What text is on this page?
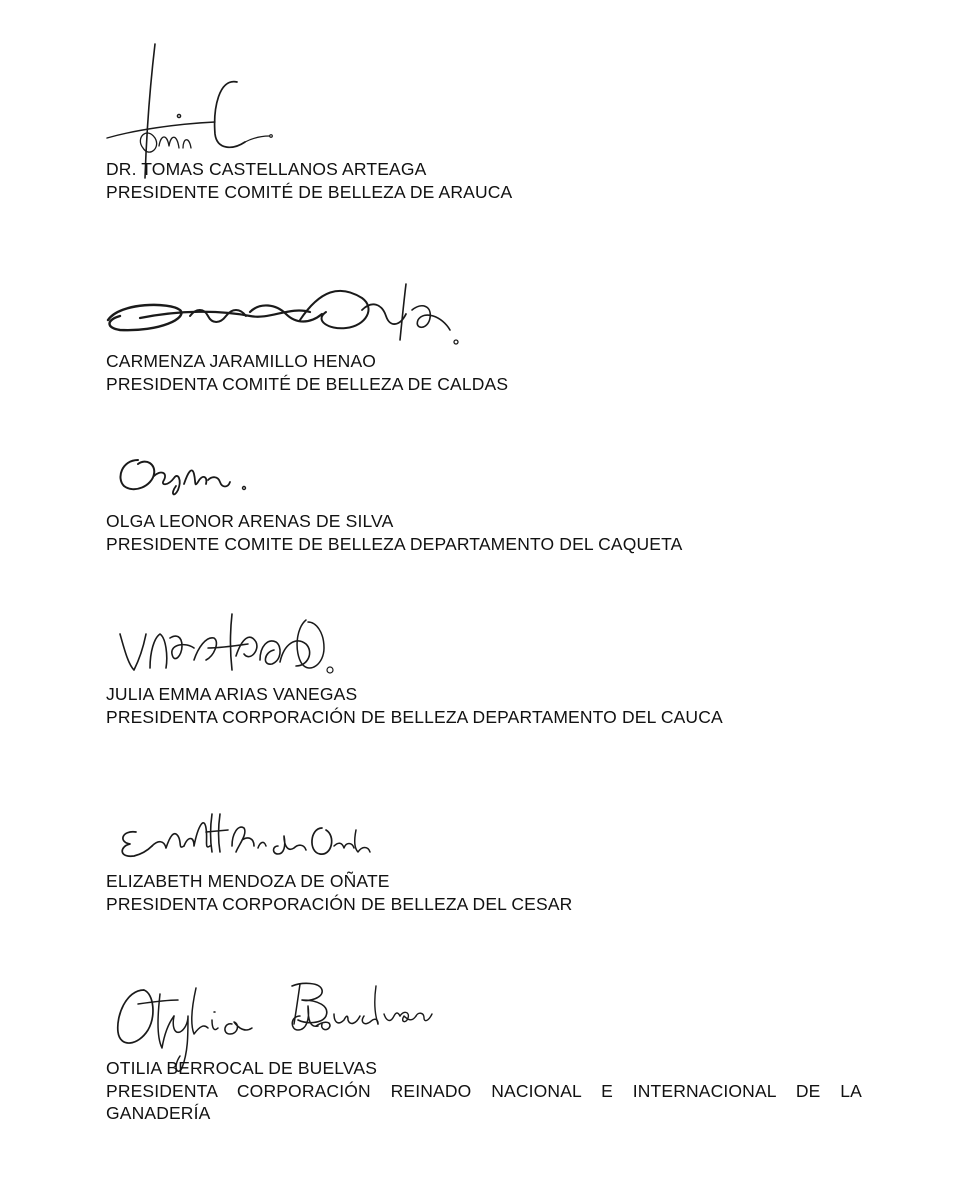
DR. TOMAS CASTELLANOS ARTEAGA
PRESIDENTE COMITÉ DE BELLEZA DE ARAUCA
CARMENZA JARAMILLO HENAO
PRESIDENTA COMITÉ DE BELLEZA DE CALDAS
OLGA LEONOR ARENAS DE SILVA
PRESIDENTE COMITE DE BELLEZA DEPARTAMENTO DEL CAQUETA
JULIA EMMA ARIAS VANEGAS
PRESIDENTA CORPORACIÓN DE BELLEZA DEPARTAMENTO DEL CAUCA
ELIZABETH MENDOZA DE OÑATE
PRESIDENTA CORPORACIÓN DE BELLEZA DEL CESAR
OTILIA BERROCAL DE BUELVAS
PRESIDENTA CORPORACIÓN REINADO NACIONAL E INTERNACIONAL DE LA GANADERÍA
